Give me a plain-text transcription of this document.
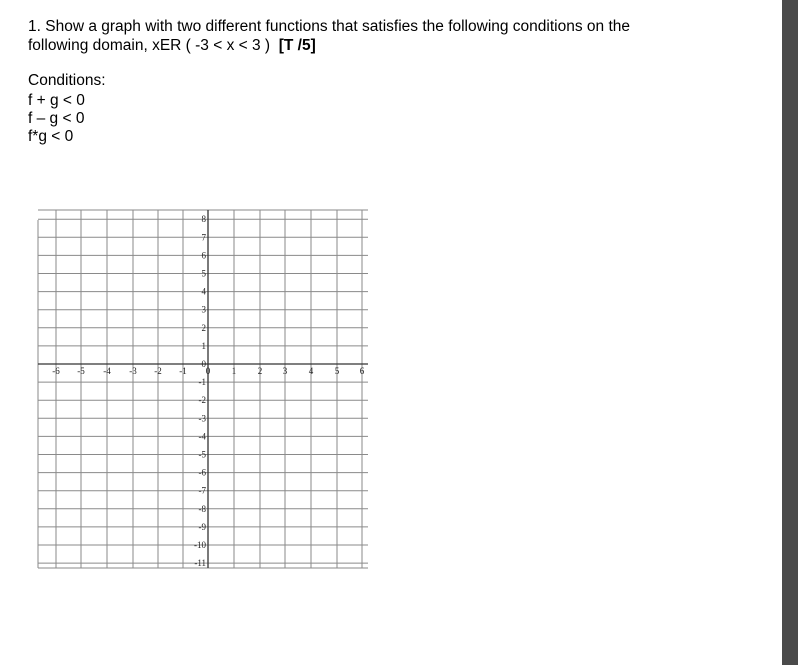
1. Show a graph with two different functions that satisfies the following conditions on the
following domain, xER ( -3 < x < 3 ) [T /5]
Conditions:
f + g < 0
f – g < 0
f*g < 0
-6 -5 -4 -3 -2 -1 0 1 2 3 4 5 6
8
7
6
5
4
3
2
1
0
-1
-2
-3
-4
-5
-6
-7
-8
-9
-10
-11
